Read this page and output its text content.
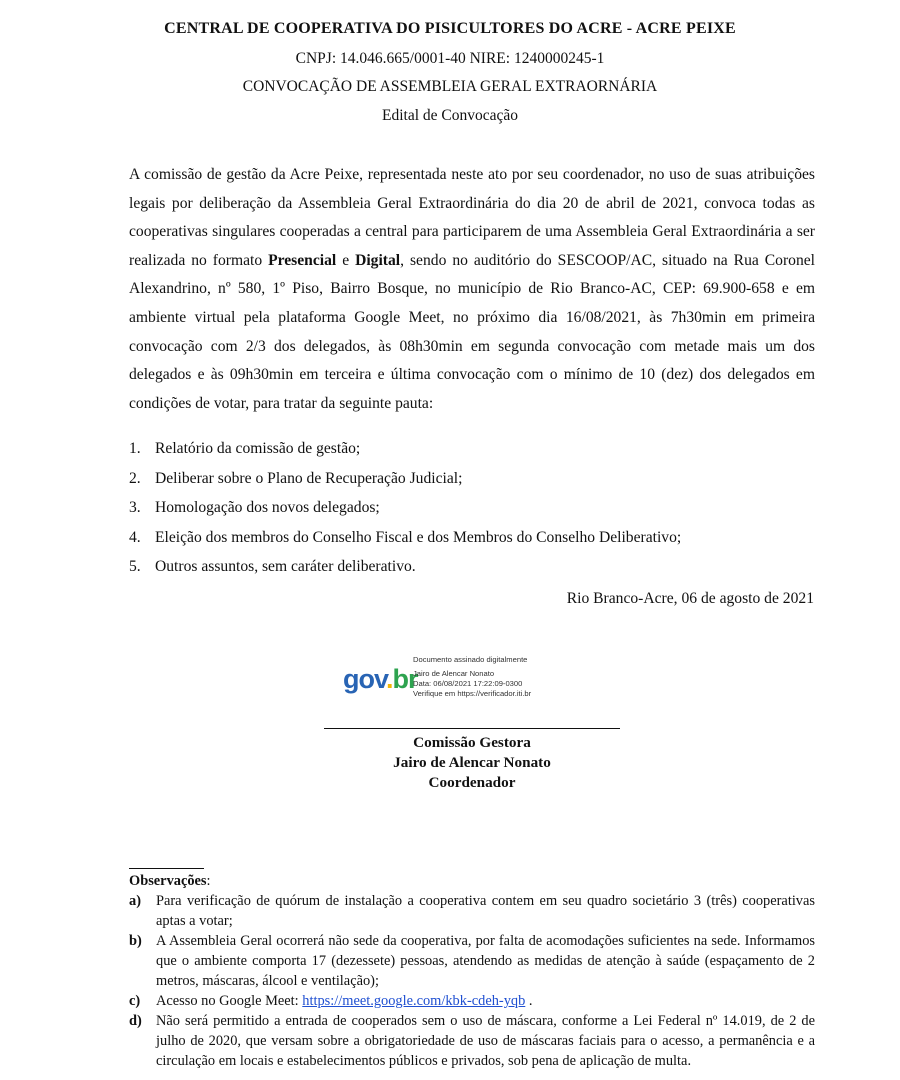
CENTRAL DE COOPERATIVA DO PISICULTORES DO ACRE - ACRE PEIXE
CNPJ: 14.046.665/0001-40 NIRE: 1240000245-1
CONVOCAÇÃO DE ASSEMBLEIA GERAL EXTRAORNÁRIA
Edital de Convocação

A comissão de gestão da Acre Peixe, representada neste ato por seu coordenador, no uso de suas atribuições legais por deliberação da Assembleia Geral Extraordinária do dia 20 de abril de 2021, convoca todas as cooperativas singulares cooperadas a central para participarem de uma Assembleia Geral Extraordinária a ser realizada no formato Presencial e Digital, sendo no auditório do SESCOOP/AC, situado na Rua Coronel Alexandrino, nº 580, 1º Piso, Bairro Bosque, no município de Rio Branco-AC, CEP: 69.900-658 e em ambiente virtual pela plataforma Google Meet, no próximo dia 16/08/2021, às 7h30min em primeira convocação com 2/3 dos delegados, às 08h30min em segunda convocação com metade mais um dos delegados e às 09h30min em terceira e última convocação com o mínimo de 10 (dez) dos delegados em condições de votar, para tratar da seguinte pauta:

1. Relatório da comissão de gestão;
2. Deliberar sobre o Plano de Recuperação Judicial;
3. Homologação dos novos delegados;
4. Eleição dos membros do Conselho Fiscal e dos Membros do Conselho Deliberativo;
5. Outros assuntos, sem caráter deliberativo.
Rio Branco-Acre, 06 de agosto de 2021
gov.br
Documento assinado digitalmente
Jairo de Alencar Nonato
Data: 06/08/2021 17:22:09-0300
Verifique em https://verificador.iti.br
Comissão Gestora
Jairo de Alencar Nonato
Coordenador
Observações:
a)	Para verificação de quórum de instalação a cooperativa contem em seu quadro societário 3 (três) cooperativas aptas a votar;
b) A Assembleia Geral ocorrerá não sede da cooperativa, por falta de acomodações suficientes na sede. Informamos que o ambiente comporta 17 (dezessete) pessoas, atendendo as medidas de atenção à saúde (espaçamento de 2 metros, máscaras, álcool e ventilação);
c)	Acesso no Google Meet: https://meet.google.com/kbk-cdeh-yqb .
d) Não será permitido a entrada de cooperados sem o uso de máscara, conforme a Lei Federal nº 14.019, de 2 de julho de 2020, que versam sobre a obrigatoriedade de uso de máscaras faciais para o acesso, a permanência e a circulação em locais e estabelecimentos públicos e privados, sob pena de aplicação de multa.
